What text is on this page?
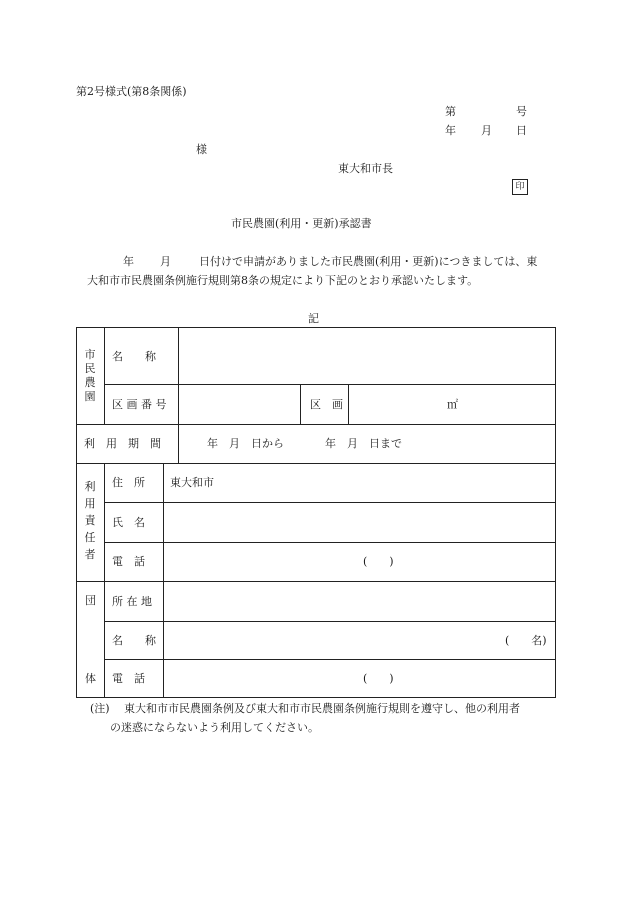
第2号様式(第8条関係)
第	号
年 月 日
様
東大和市長
印
市民農園(利用・更新)承認書
年 月	日付けで申請がありました市民農園(利用・更新)につきましては、東
大和市市民農園条例施行規則第8条の規定により下記のとおり承認いたします。
記
市
民
農
園
名　　称
区 画 番 号	区　画	㎡
利　用　期　間	年　月　日から	年　月　日まで
利
用
責
任
者
住　所 東大和市
氏　名
電　話	(　　)
団
体
所 在 地
名　　称	(　　名)
電　話	(　　)
(注) 東大和市市民農園条例及び東大和市市民農園条例施行規則を遵守し、他の利用者
の迷惑にならないよう利用してください。
